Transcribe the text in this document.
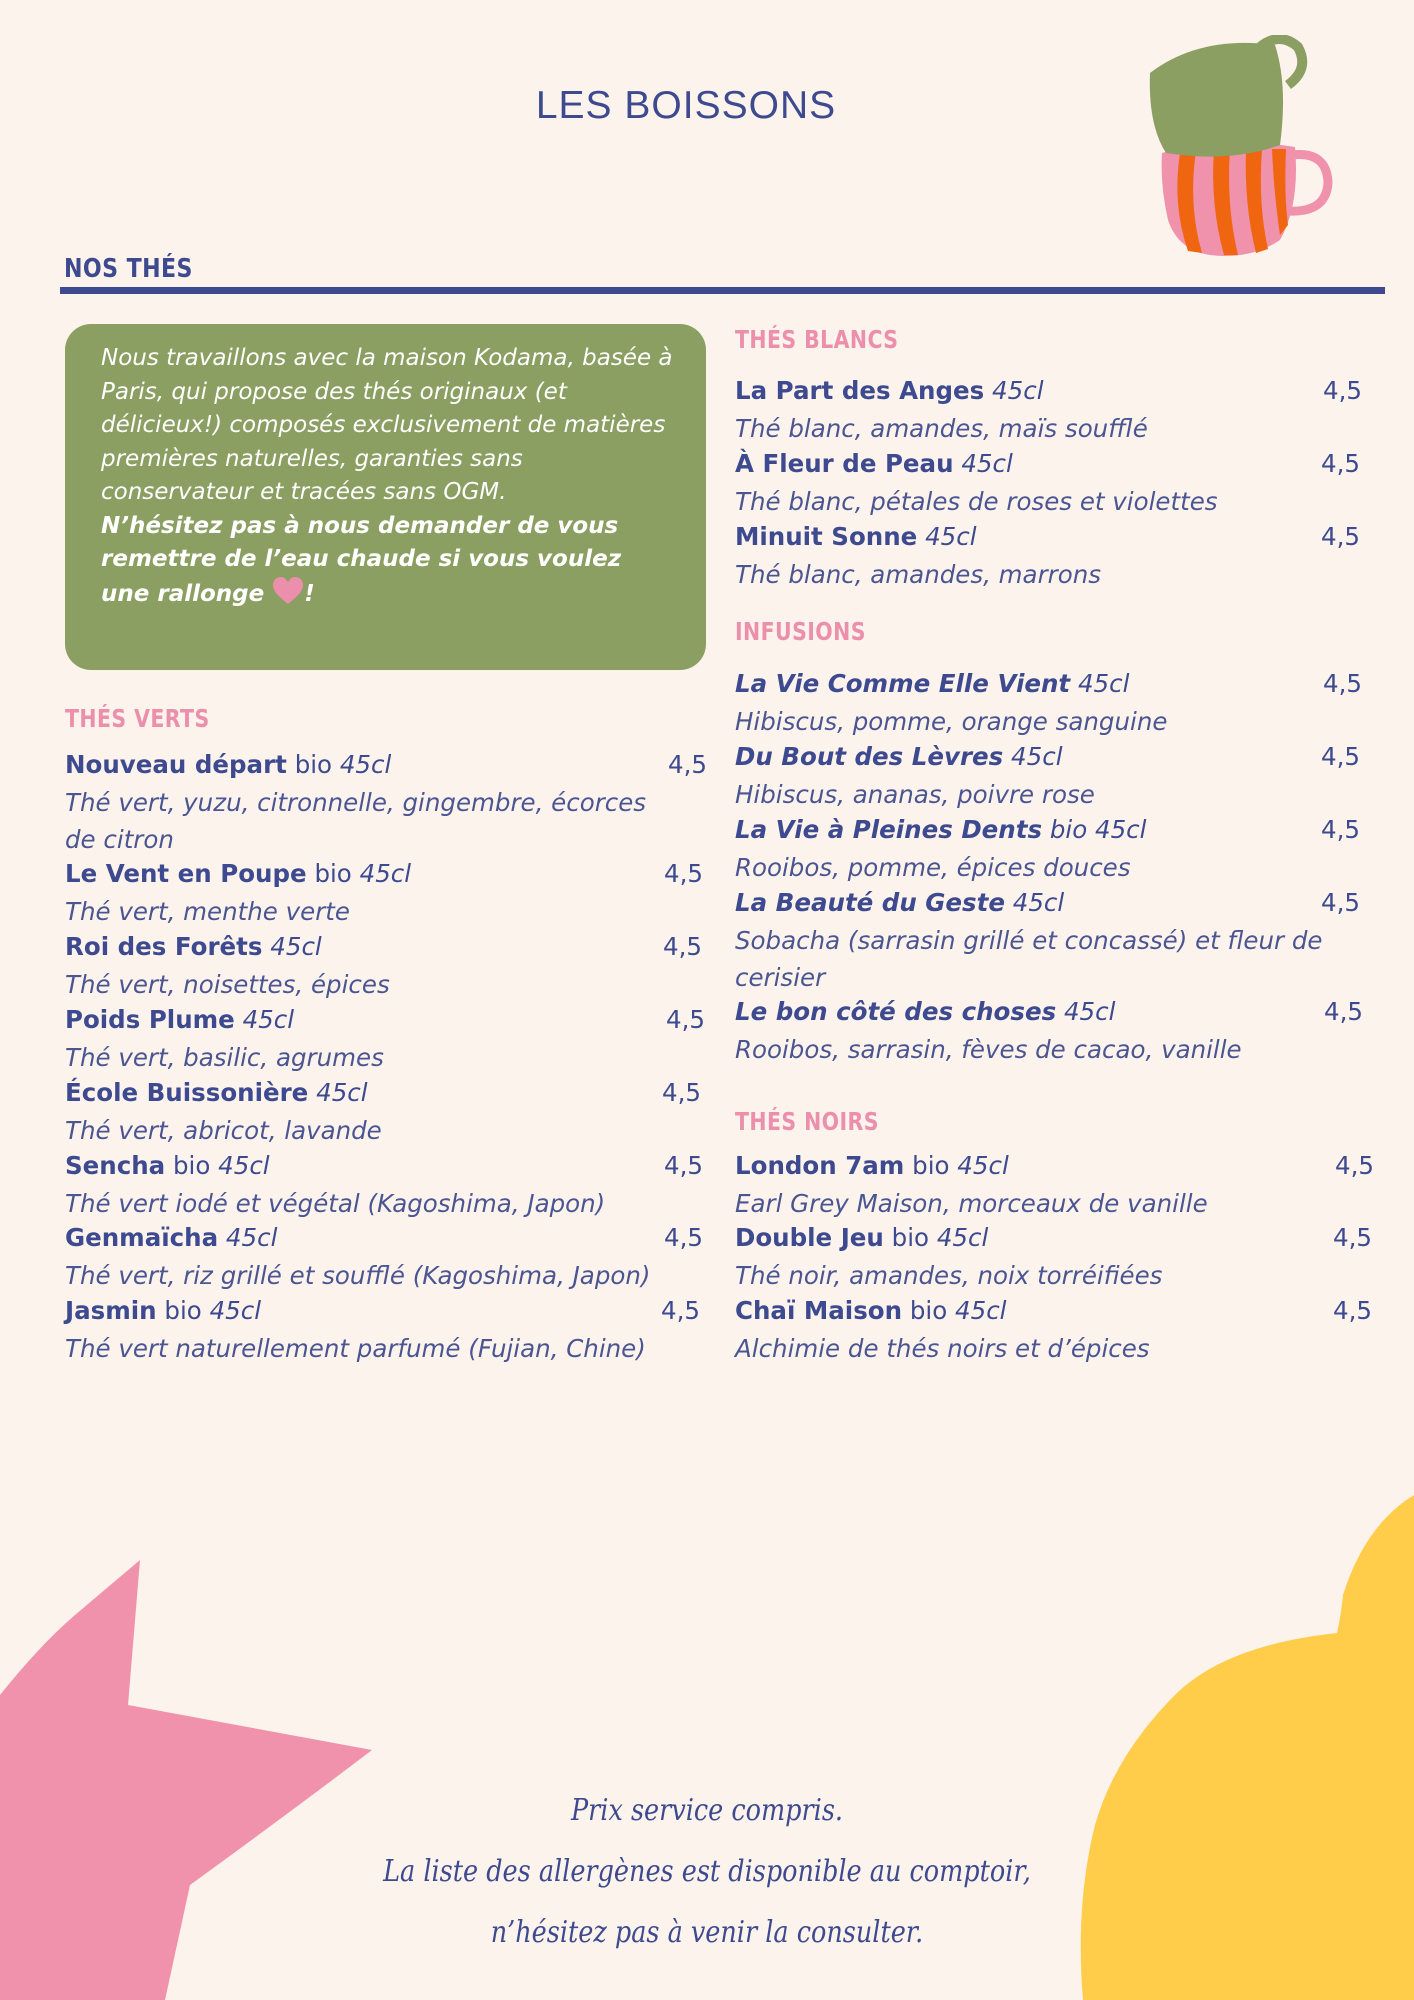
LES BOISSONS
NOS THÉS
Nous travaillons avec la maison Kodama, basée à Paris, qui propose des thés originaux (et délicieux!) composés exclusivement de matières premières naturelles, garanties sans conservateur et tracées sans OGM.
N’hésitez pas à nous demander de vous remettre de l’eau chaude si vous voulez une rallonge !
THÉS VERTS
Nouveau départ bio 45cl	4,5
Thé vert, yuzu, citronnelle, gingembre, écorces
de citron
Le Vent en Poupe bio 45cl	4,5
Thé vert, menthe verte
Roi des Forêts 45cl	4,5
Thé vert, noisettes, épices
Poids Plume 45cl	4,5
Thé vert, basilic, agrumes
École Buissonière 45cl	4,5
Thé vert, abricot, lavande
Sencha bio 45cl	4,5
Thé vert iodé et végétal (Kagoshima, Japon)
Genmaïcha 45cl	4,5
Thé vert, riz grillé et soufflé (Kagoshima, Japon)
Jasmin bio 45cl	4,5
Thé vert naturellement parfumé (Fujian, Chine)
THÉS BLANCS
La Part des Anges 45cl	4,5
Thé blanc, amandes, maïs soufflé
À Fleur de Peau 45cl	4,5
Thé blanc, pétales de roses et violettes
Minuit Sonne 45cl	4,5
Thé blanc, amandes, marrons
INFUSIONS
La Vie Comme Elle Vient 45cl	4,5
Hibiscus, pomme, orange sanguine
Du Bout des Lèvres 45cl	4,5
Hibiscus, ananas, poivre rose
La Vie à Pleines Dents bio 45cl	4,5
Rooibos, pomme, épices douces
La Beauté du Geste 45cl	4,5
Sobacha (sarrasin grillé et concassé) et fleur de
cerisier
Le bon côté des choses 45cl	4,5
Rooibos, sarrasin, fèves de cacao, vanille
THÉS NOIRS
London 7am bio 45cl	4,5
Earl Grey Maison, morceaux de vanille
Double Jeu bio 45cl	4,5
Thé noir, amandes, noix torréifiées
Chaï Maison bio 45cl	4,5
Alchimie de thés noirs et d’épices
Prix service compris.
La liste des allergènes est disponible au comptoir,
n’hésitez pas à venir la consulter.
